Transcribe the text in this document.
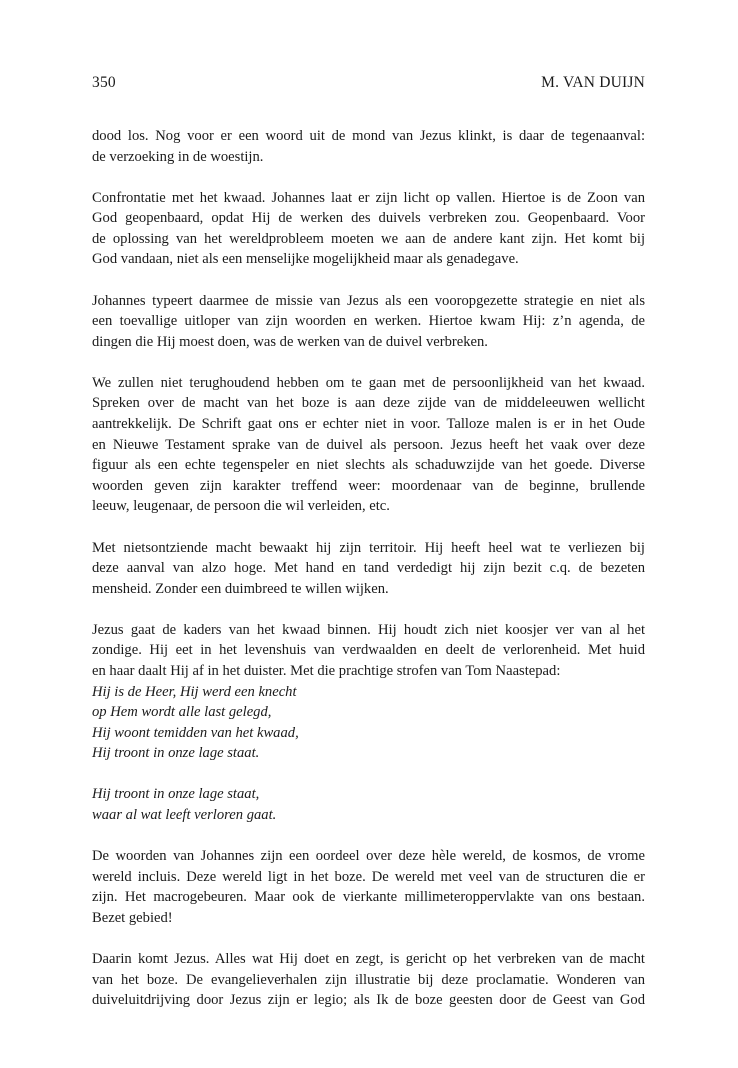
350	M. VAN DUIJN
dood los. Nog voor er een woord uit de mond van Jezus klinkt, is daar de tegenaanval:
de verzoeking in de woestijn.
Confrontatie met het kwaad. Johannes laat er zijn licht op vallen. Hiertoe is de Zoon van
God geopenbaard, opdat Hij de werken des duivels verbreken zou. Geopenbaard. Voor
de oplossing van het wereldprobleem moeten we aan de andere kant zijn. Het komt bij
God vandaan, niet als een menselijke mogelijkheid maar als genadegave.
Johannes typeert daarmee de missie van Jezus als een vooropgezette strategie en niet als
een toevallige uitloper van zijn woorden en werken. Hiertoe kwam Hij: z’n agenda, de
dingen die Hij moest doen, was de werken van de duivel verbreken.
We zullen niet terughoudend hebben om te gaan met de persoonlijkheid van het kwaad.
Spreken over de macht van het boze is aan deze zijde van de middeleeuwen wellicht
aantrekkelijk. De Schrift gaat ons er echter niet in voor. Talloze malen is er in het Oude
en Nieuwe Testament sprake van de duivel als persoon. Jezus heeft het vaak over deze
figuur als een echte tegenspeler en niet slechts als schaduwzijde van het goede. Diverse
woorden geven zijn karakter treffend weer: moordenaar van de beginne, brullende
leeuw, leugenaar, de persoon die wil verleiden, etc.
Met nietsontziende macht bewaakt hij zijn territoir. Hij heeft heel wat te verliezen bij
deze aanval van alzo hoge. Met hand en tand verdedigt hij zijn bezit c.q. de bezeten
mensheid. Zonder een duimbreed te willen wijken.
Jezus gaat de kaders van het kwaad binnen. Hij houdt zich niet koosjer ver van al het
zondige. Hij eet in het levenshuis van verdwaalden en deelt de verlorenheid. Met huid
en haar daalt Hij af in het duister. Met die prachtige strofen van Tom Naastepad:
Hij is de Heer, Hij werd een knecht
op Hem wordt alle last gelegd,
Hij woont temidden van het kwaad,
Hij troont in onze lage staat.
Hij troont in onze lage staat,
waar al wat leeft verloren gaat.
De woorden van Johannes zijn een oordeel over deze hèle wereld, de kosmos, de vrome
wereld incluis. Deze wereld ligt in het boze. De wereld met veel van de structuren die er
zijn. Het macrogebeuren. Maar ook de vierkante millimeteroppervlakte van ons bestaan.
Bezet gebied!
Daarin komt Jezus. Alles wat Hij doet en zegt, is gericht op het verbreken van de macht
van het boze. De evangelieverhalen zijn illustratie bij deze proclamatie. Wonderen van
duiveluitdrijving door Jezus zijn er legio; als Ik de boze geesten door de Geest van God
